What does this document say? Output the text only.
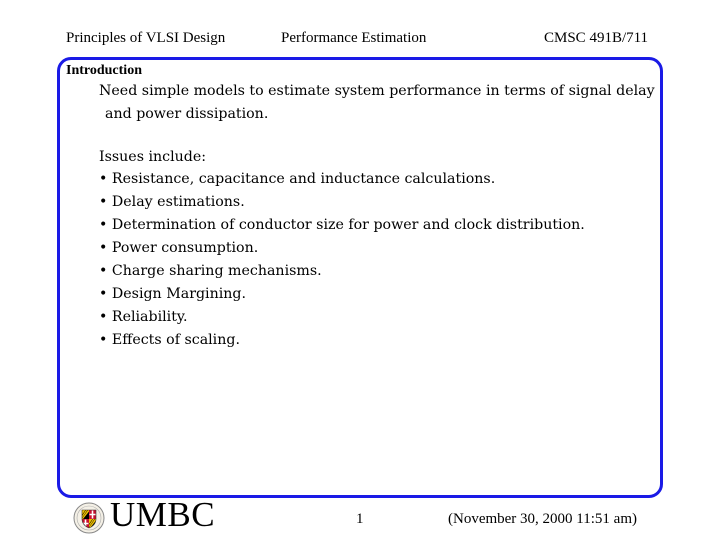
Principles of VLSI Design	Performance Estimation	CMSC 491B/711
Introduction
Need simple models to estimate system performance in terms of signal delay
and power dissipation.
Issues include:
• Resistance, capacitance and inductance calculations.
• Delay estimations.
• Determination of conductor size for power and clock distribution.
• Power consumption.
• Charge sharing mechanisms.
• Design Margining.
• Reliability.
• Effects of scaling.
UMBC	1	(November 30, 2000 11:51 am)
